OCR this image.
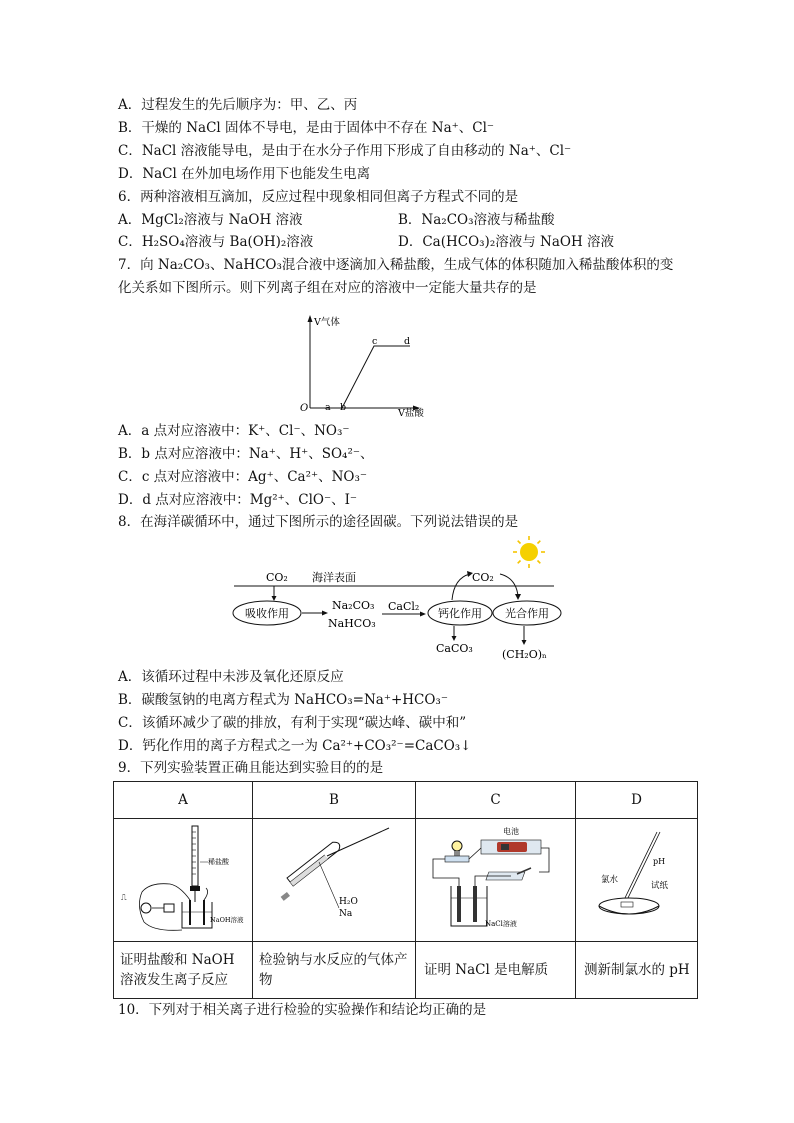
A．过程发生的先后顺序为：甲、乙、丙
B．干燥的 NaCl 固体不导电，是由于固体中不存在 Na⁺、Cl⁻
C．NaCl 溶液能导电，是由于在水分子作用下形成了自由移动的 Na⁺、Cl⁻
D．NaCl 在外加电场作用下也能发生电离
6．两种溶液相互滴加，反应过程中现象相同但离子方程式不同的是
A．MgCl₂溶液与 NaOH 溶液	B．Na₂CO₃溶液与稀盐酸
C．H₂SO₄溶液与 Ba(OH)₂溶液	D．Ca(HCO₃)₂溶液与 NaOH 溶液
7．向 Na₂CO₃、NaHCO₃混合液中逐滴加入稀盐酸，生成气体的体积随加入稀盐酸体积的变
化关系如下图所示。则下列离子组在对应的溶液中一定能大量共存的是
V气体
V盐酸
O a b
c	d
A．a 点对应溶液中：K⁺、Cl⁻、NO₃⁻
B．b 点对应溶液中：Na⁺、H⁺、SO₄²⁻、
C．c 点对应溶液中：Ag⁺、Ca²⁺、NO₃⁻
D．d 点对应溶液中：Mg²⁺、ClO⁻、I⁻
8．在海洋碳循环中，通过下图所示的途径固碳。下列说法错误的是
CO₂ 海洋表面
吸收作用
Na₂CO₃
NaHCO₃
CaCl₂
钙化作用 光合作用
CO₂
CaCO₃	(CH₂O)ₙ
A．该循环过程中未涉及氧化还原反应
B．碳酸氢钠的电离方程式为 NaHCO₃=Na⁺+HCO₃⁻
C．该循环减少了碳的排放，有利于实现“碳达峰、碳中和”
D．钙化作用的离子方程式之一为 Ca²⁺+CO₃²⁻=CaCO₃↓
9．下列实验装置正确且能达到实验目的的是
A	B	C	D

稀盐酸
NaOH溶液
⎍	H₂O
Na	电池
NaCl溶液	pH
氯水
试纸

证明盐酸和 NaOH 溶液发生离子反应	检验钠与水反应的气体产物	证明 NaCl 是电解质	测新制氯水的 pH
10．下列对于相关离子进行检验的实验操作和结论均正确的是
